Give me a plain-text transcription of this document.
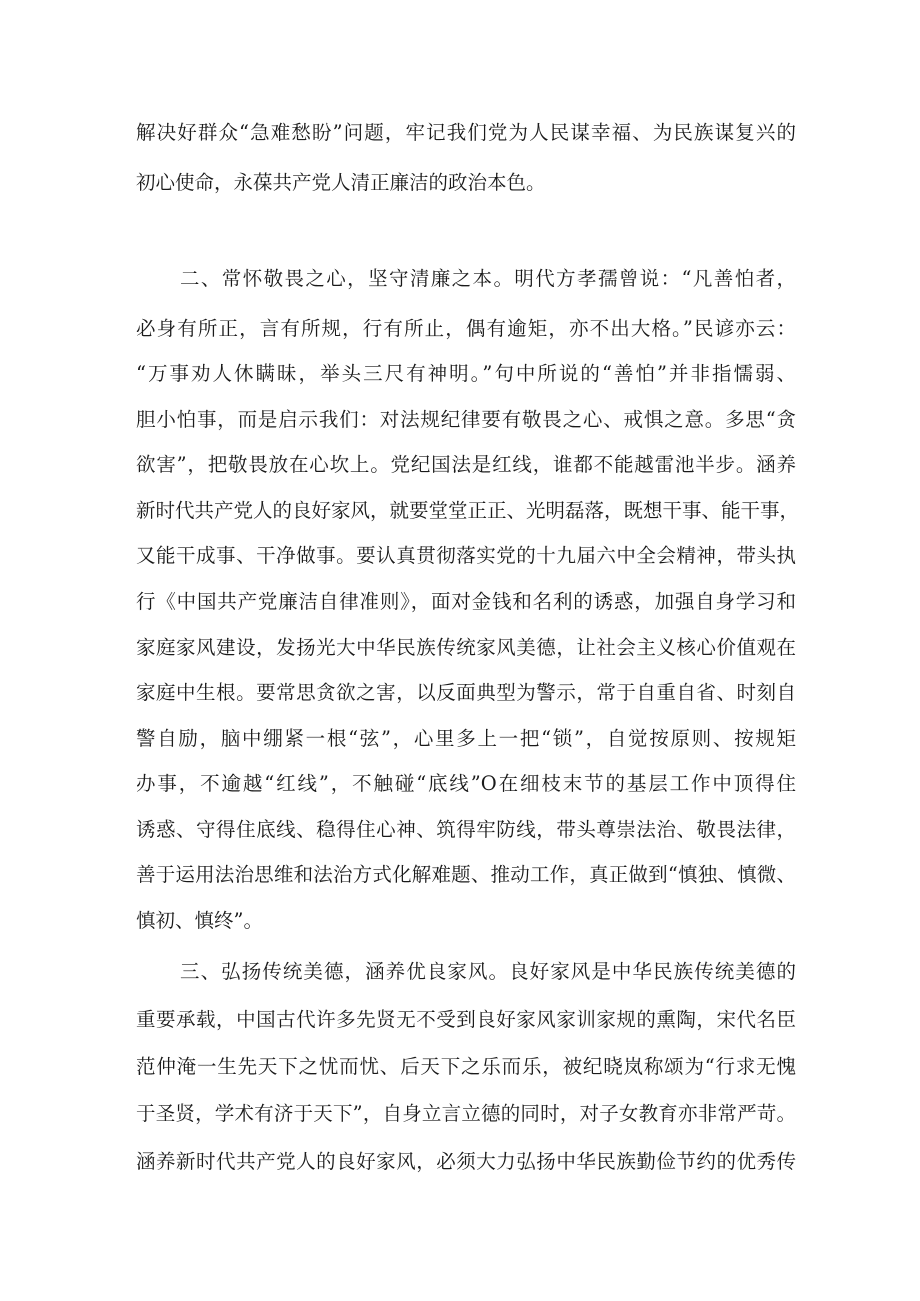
解决好群众“急难愁盼”问题，牢记我们党为人民谋幸福、为民族谋复兴的
初心使命，永葆共产党人清正廉洁的政治本色。
二、常怀敬畏之心，坚守清廉之本。明代方孝孺曾说：“凡善怕者，
必身有所正，言有所规，行有所止，偶有逾矩，亦不出大格。”民谚亦云：
“万事劝人休瞒昧，举头三尺有神明。”句中所说的“善怕”并非指懦弱、
胆小怕事，而是启示我们：对法规纪律要有敬畏之心、戒惧之意。多思“贪
欲害”，把敬畏放在心坎上。党纪国法是红线，谁都不能越雷池半步。涵养
新时代共产党人的良好家风，就要堂堂正正、光明磊落，既想干事、能干事，
又能干成事、干净做事。要认真贯彻落实党的十九届六中全会精神，带头执
行《中国共产党廉洁自律准则》，面对金钱和名利的诱惑，加强自身学习和
家庭家风建设，发扬光大中华民族传统家风美德，让社会主义核心价值观在
家庭中生根。要常思贪欲之害，以反面典型为警示，常于自重自省、时刻自
警自励，脑中绷紧一根“弦”，心里多上一把“锁”，自觉按原则、按规矩
办事，不逾越“红线”，不触碰“底线”O在细枝末节的基层工作中顶得住
诱惑、守得住底线、稳得住心神、筑得牢防线，带头尊崇法治、敬畏法律，
善于运用法治思维和法治方式化解难题、推动工作，真正做到“慎独、慎微、
慎初、慎终”。
三、弘扬传统美德，涵养优良家风。良好家风是中华民族传统美德的
重要承载，中国古代许多先贤无不受到良好家风家训家规的熏陶，宋代名臣
范仲淹一生先天下之忧而忧、后天下之乐而乐，被纪晓岚称颂为“行求无愧
于圣贤，学术有济于天下”，自身立言立德的同时，对子女教育亦非常严苛。
涵养新时代共产党人的良好家风，必须大力弘扬中华民族勤俭节约的优秀传
